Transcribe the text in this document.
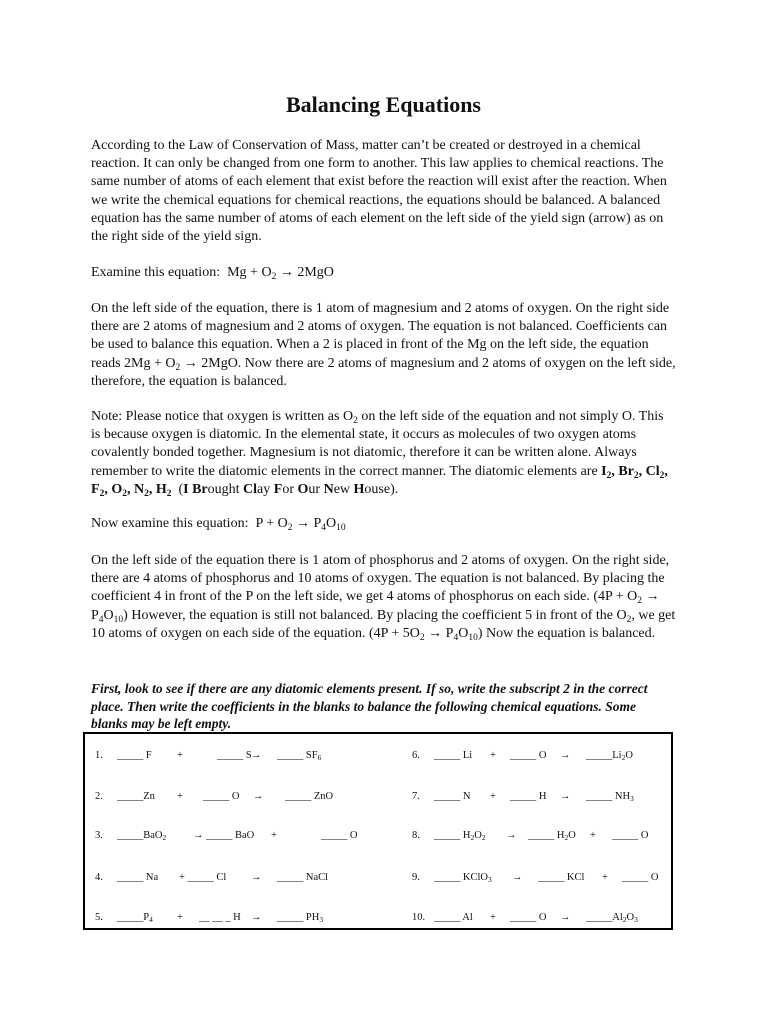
Balancing Equations

According to the Law of Conservation of Mass, matter can’t be created or destroyed in a chemical reaction. It can only be changed from one form to another. This law applies to chemical reactions. The same number of atoms of each element that exist before the reaction will exist after the reaction. When we write the chemical equations for chemical reactions, the equations should be balanced. A balanced equation has the same number of atoms of each element on the left side of the yield sign (arrow) as on the right side of the yield sign.

Examine this equation: $Mg + O_2 \to 2MgO$

On the left side of the equation, there is 1 atom of magnesium and 2 atoms of oxygen. On the right side there are 2 atoms of magnesium and 2 atoms of oxygen. The equation is not balanced. Coefficients can be used to balance this equation. When a 2 is placed in front of the Mg on the left side, the equation reads $2Mg + O_2 \to 2MgO$. Now there are 2 atoms of magnesium and 2 atoms of oxygen on the left side, therefore, the equation is balanced.

Note: Please notice that oxygen is written as $O_2$ on the left side of the equation and not simply O. This is because oxygen is diatomic. In the elemental state, it occurs as molecules of two oxygen atoms covalently bonded together. Magnesium is not diatomic, therefore it can be written alone. Always remember to write the diatomic elements in the correct manner. The diatomic elements are $I_2$, $Br_2$, $Cl_2$, $F_2$, $O_2$, $N_2$, $H_2$  (I Brought Clay For Our New House).

Now examine this equation: $P + O_2 \to P_4O_{10}$

On the left side of the equation there is 1 atom of phosphorus and 2 atoms of oxygen. On the right side, there are 4 atoms of phosphorus and 10 atoms of oxygen. The equation is not balanced. By placing the coefficient 4 in front of the P on the left side, we get 4 atoms of phosphorus on each side. $(4P + O_2 \to P_4O_{10})$ However, the equation is still not balanced. By placing the coefficient 5 in front of the $O_2$, we get 10 atoms of oxygen on each side of the equation. $(4P + 5O_2 \to P_4O_{10})$ Now the equation is balanced.

First, look to see if there are any diatomic elements present. If so, write the subscript 2 in the correct place. Then write the coefficients in the blanks to balance the following chemical equations. Some blanks may be left empty.

1. _____ F +	_____ S → _____ $SF_6$
2. _____Zn + _____ O → _____ ZnO
3. _____BaO$_2$	→ _____ BaO +	_____ O
4. _____ Na + _____ Cl → _____ NaCl
5. $\_\_\_\_\_P_4$ + __ __ _ H → _____ $PH_3$
6. _____ Li + _____ $O \to \_\_\_\_\_Li_2O$
7. _____ N + _____ H → _____ $NH_3$
8. _____ $H_2O_2$ → _____ $H_2O$ + _____ O
9. _____ KClO$_3$ → _____ KCl + _____ O
10. _____ Al + _____ $O \to \_\_\_\_\_Al_2O_3$
